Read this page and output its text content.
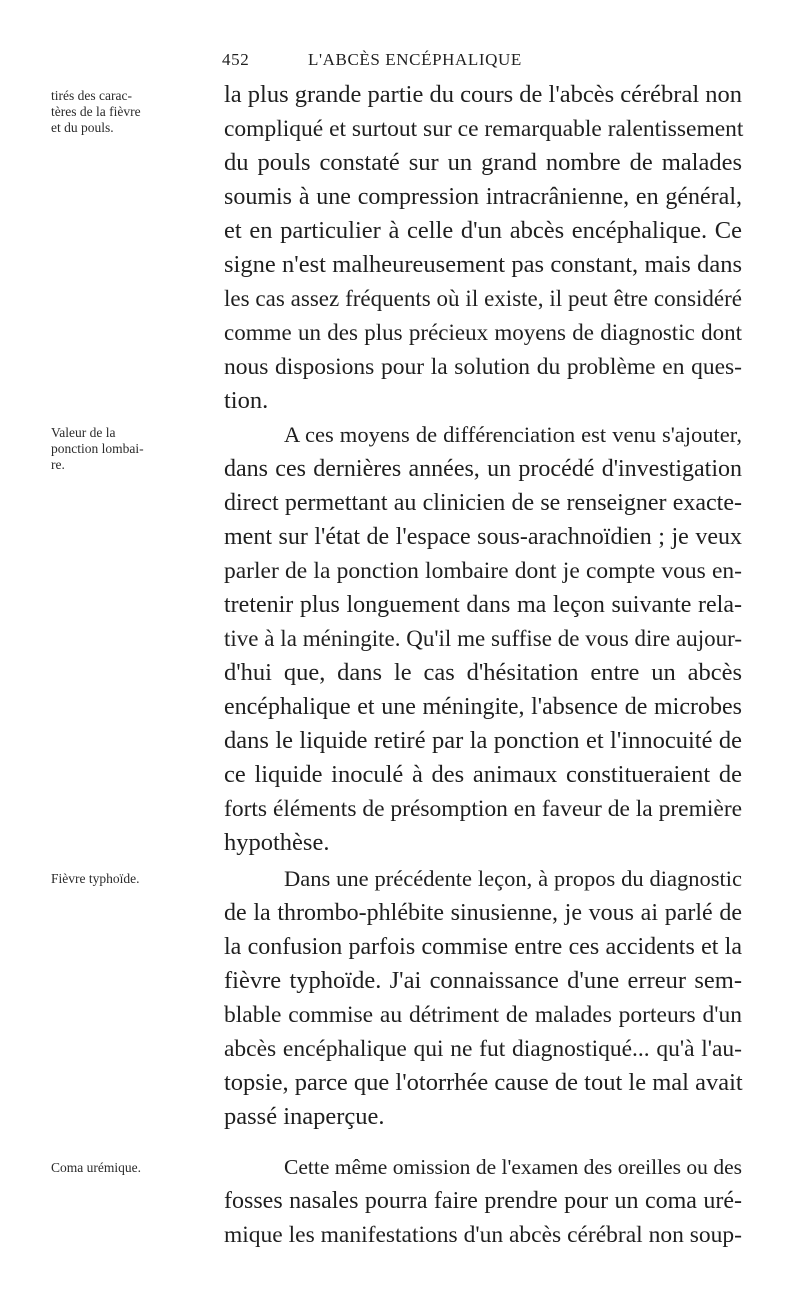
452	L'ABCÈS ENCÉPHALIQUE
tirés des carac-
tères de la fièvre
et du pouls.
Valeur de la
ponction lombai-
re.
Fièvre typhoïde.
Coma urémique.
la plus grande partie du cours de l'abcès cérébral non
compliqué et surtout sur ce remarquable ralentissement
du pouls constaté sur un grand nombre de malades
soumis à une compression intracrânienne, en général,
et en particulier à celle d'un abcès encéphalique. Ce
signe n'est malheureusement pas constant, mais dans
les cas assez fréquents où il existe, il peut être considéré
comme un des plus précieux moyens de diagnostic dont
nous disposions pour la solution du problème en ques-
tion.
A ces moyens de différenciation est venu s'ajouter,
dans ces dernières années, un procédé d'investigation
direct permettant au clinicien de se renseigner exacte-
ment sur l'état de l'espace sous-arachnoïdien ; je veux
parler de la ponction lombaire dont je compte vous en-
tretenir plus longuement dans ma leçon suivante rela-
tive à la méningite. Qu'il me suffise de vous dire aujour-
d'hui que, dans le cas d'hésitation entre un abcès
encéphalique et une méningite, l'absence de microbes
dans le liquide retiré par la ponction et l'innocuité de
ce liquide inoculé à des animaux constitueraient de
forts éléments de présomption en faveur de la première
hypothèse.
Dans une précédente leçon, à propos du diagnostic
de la thrombo-phlébite sinusienne, je vous ai parlé de
la confusion parfois commise entre ces accidents et la
fièvre typhoïde. J'ai connaissance d'une erreur sem-
blable commise au détriment de malades porteurs d'un
abcès encéphalique qui ne fut diagnostiqué... qu'à l'au-
topsie, parce que l'otorrhée cause de tout le mal avait
passé inaperçue.
Cette même omission de l'examen des oreilles ou des
fosses nasales pourra faire prendre pour un coma uré-
mique les manifestations d'un abcès cérébral non soup-
